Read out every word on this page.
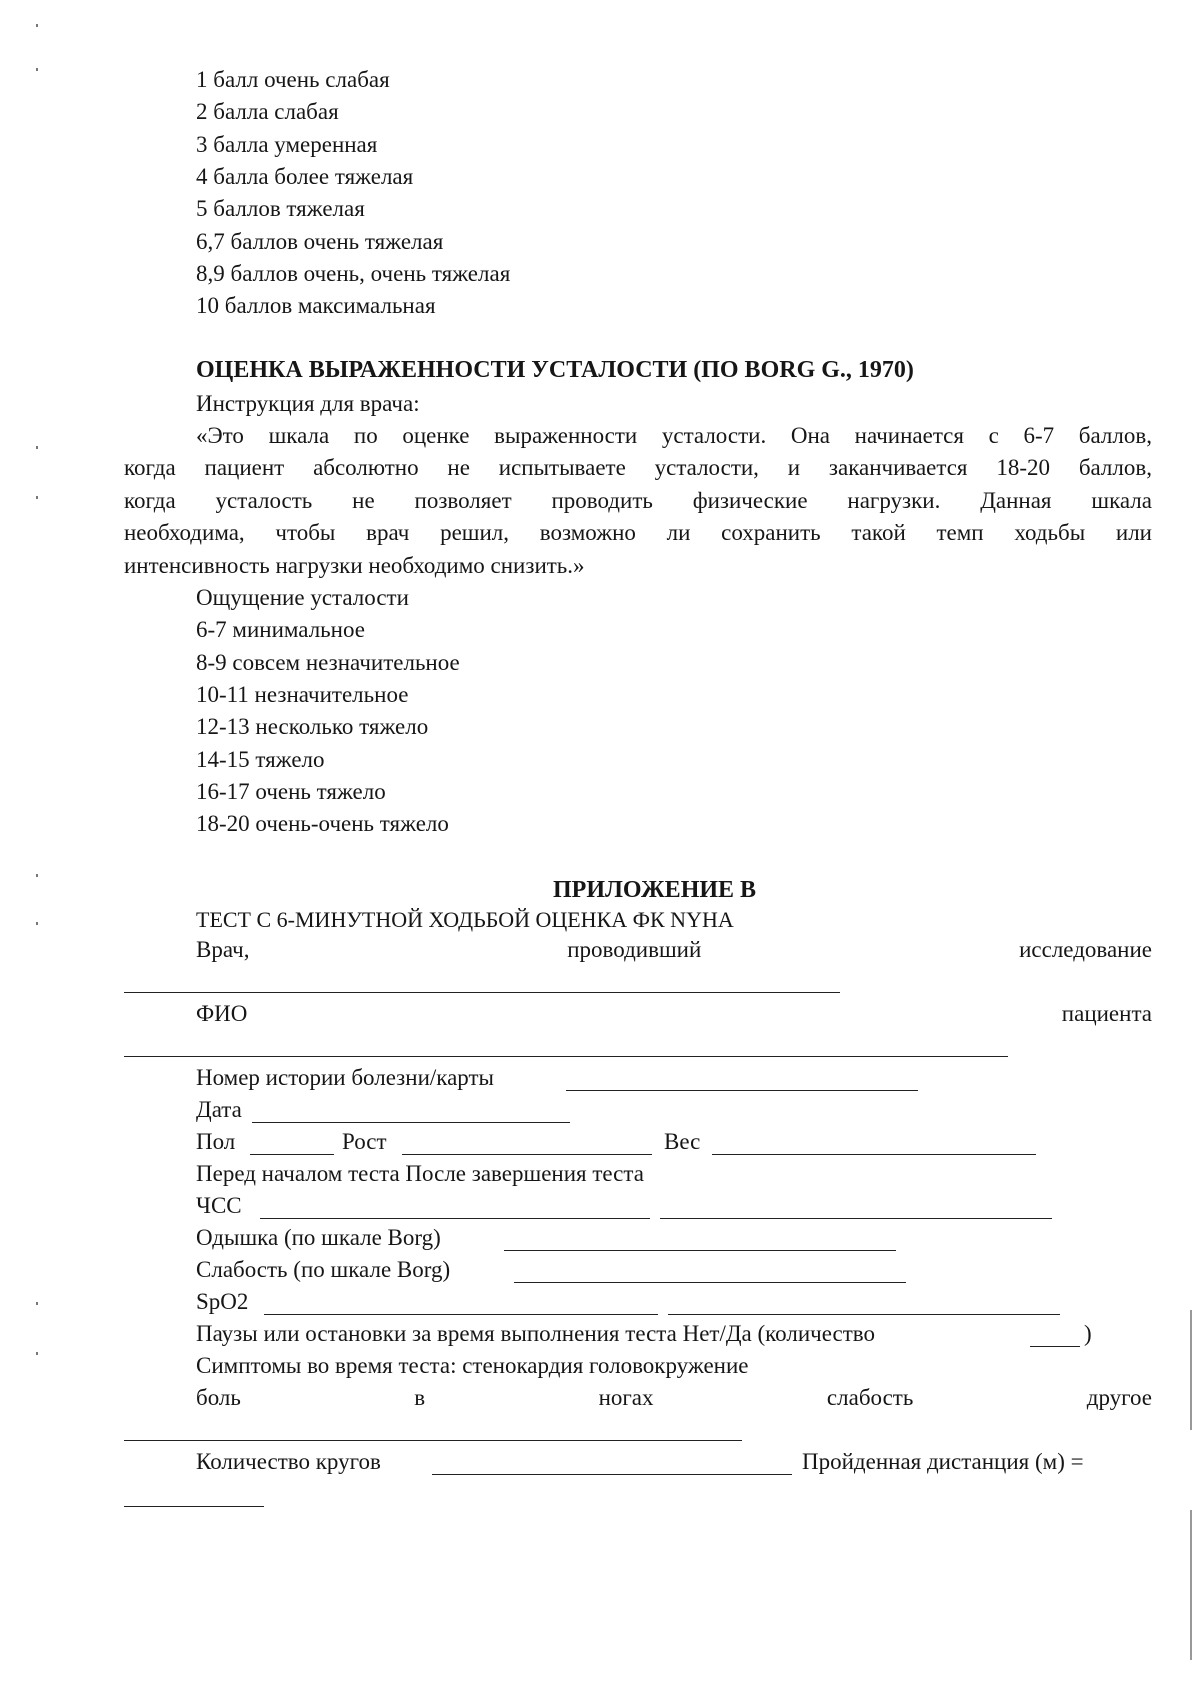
1 балл очень слабая
2 балла слабая
3 балла умеренная
4 балла более тяжелая
5 баллов тяжелая
6,7 баллов очень тяжелая
8,9 баллов очень, очень тяжелая
10 баллов максимальная
ОЦЕНКА ВЫРАЖЕННОСТИ УСТАЛОСТИ (ПО BORG G., 1970)
Инструкция для врача:
«Это шкала по оценке выраженности усталости. Она начинается с 6-7 баллов,
когда пациент абсолютно не испытываете усталости, и заканчивается 18-20 баллов,
когда усталость не позволяет проводить физические нагрузки. Данная шкала
необходима, чтобы врач решил, возможно ли сохранить такой темп ходьбы или
интенсивность нагрузки необходимо снизить.»
Ощущение усталости
6-7 минимальное
8-9 совсем незначительное
10-11 незначительное
12-13 несколько тяжело
14-15 тяжело
16-17 очень тяжело
18-20 очень-очень тяжело
ПРИЛОЖЕНИЕ В
ТЕСТ С 6-МИНУТНОЙ ХОДЬБОЙ ОЦЕНКА ФК NYHA
Врач,	проводивший	исследование
ФИО	пациента
Номер истории болезни/карты
Дата
Пол	Рост	Вес
Перед началом теста После завершения теста
ЧСС
Одышка (по шкале Borg)
Слабость (по шкале Borg)
SpO2
Паузы или остановки за время выполнения теста Нет/Да (количество	)
Симптомы во время теста: стенокардия головокружение
боль	в	ногах	слабость	другое
Количество кругов	Пройденная дистанция (м) =
